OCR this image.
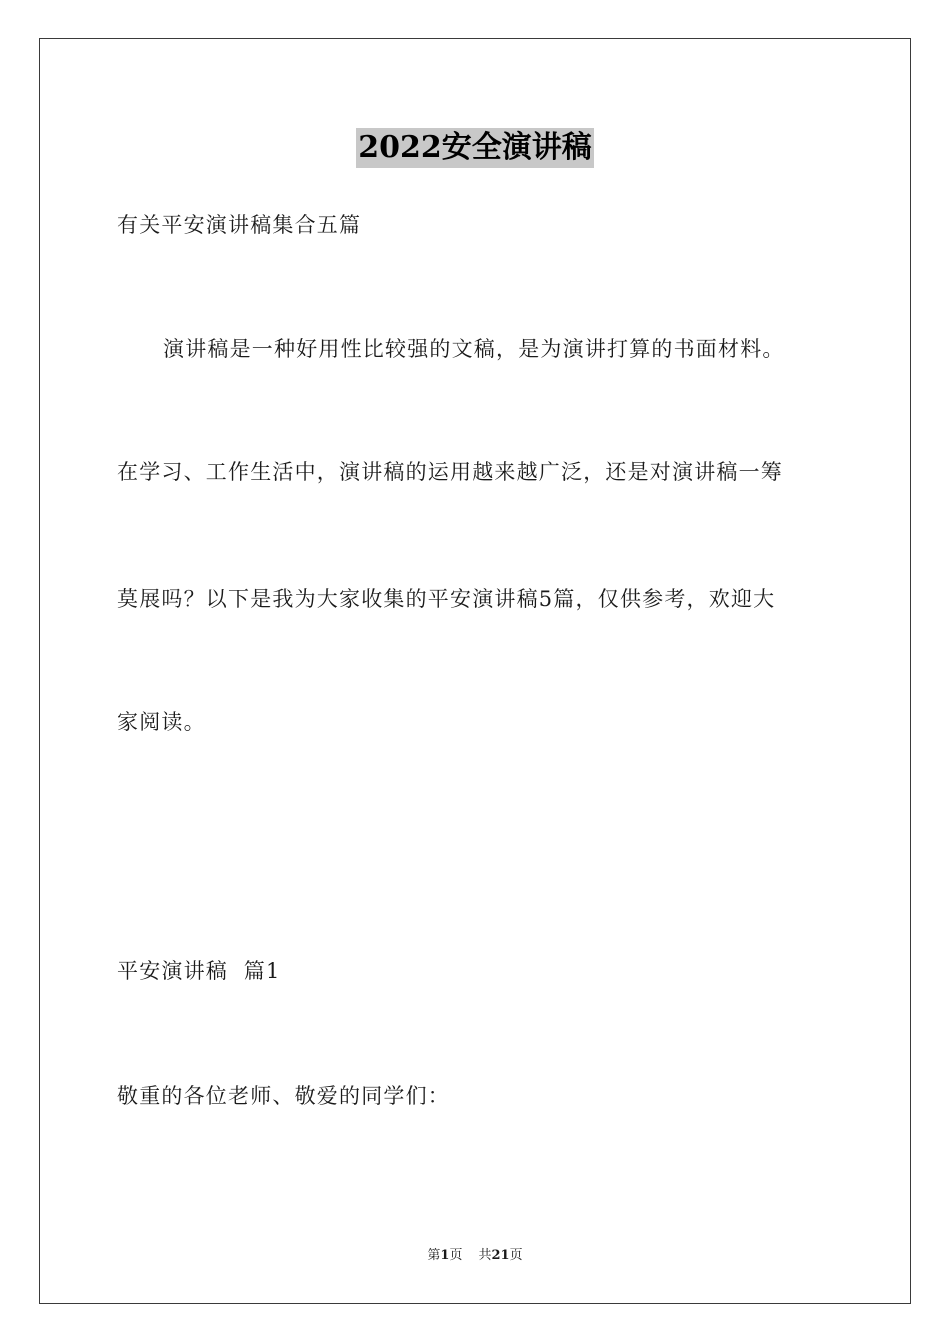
2022安全演讲稿
有关平安演讲稿集合五篇
演讲稿是一种好用性比较强的文稿，是为演讲打算的书面材料。
在学习、工作生活中，演讲稿的运用越来越广泛，还是对演讲稿一筹
莫展吗？以下是我为大家收集的平安演讲稿5篇，仅供参考，欢迎大
家阅读。
平安演讲稿  篇1
敬重的各位老师、敬爱的同学们：
第1页 共21页
